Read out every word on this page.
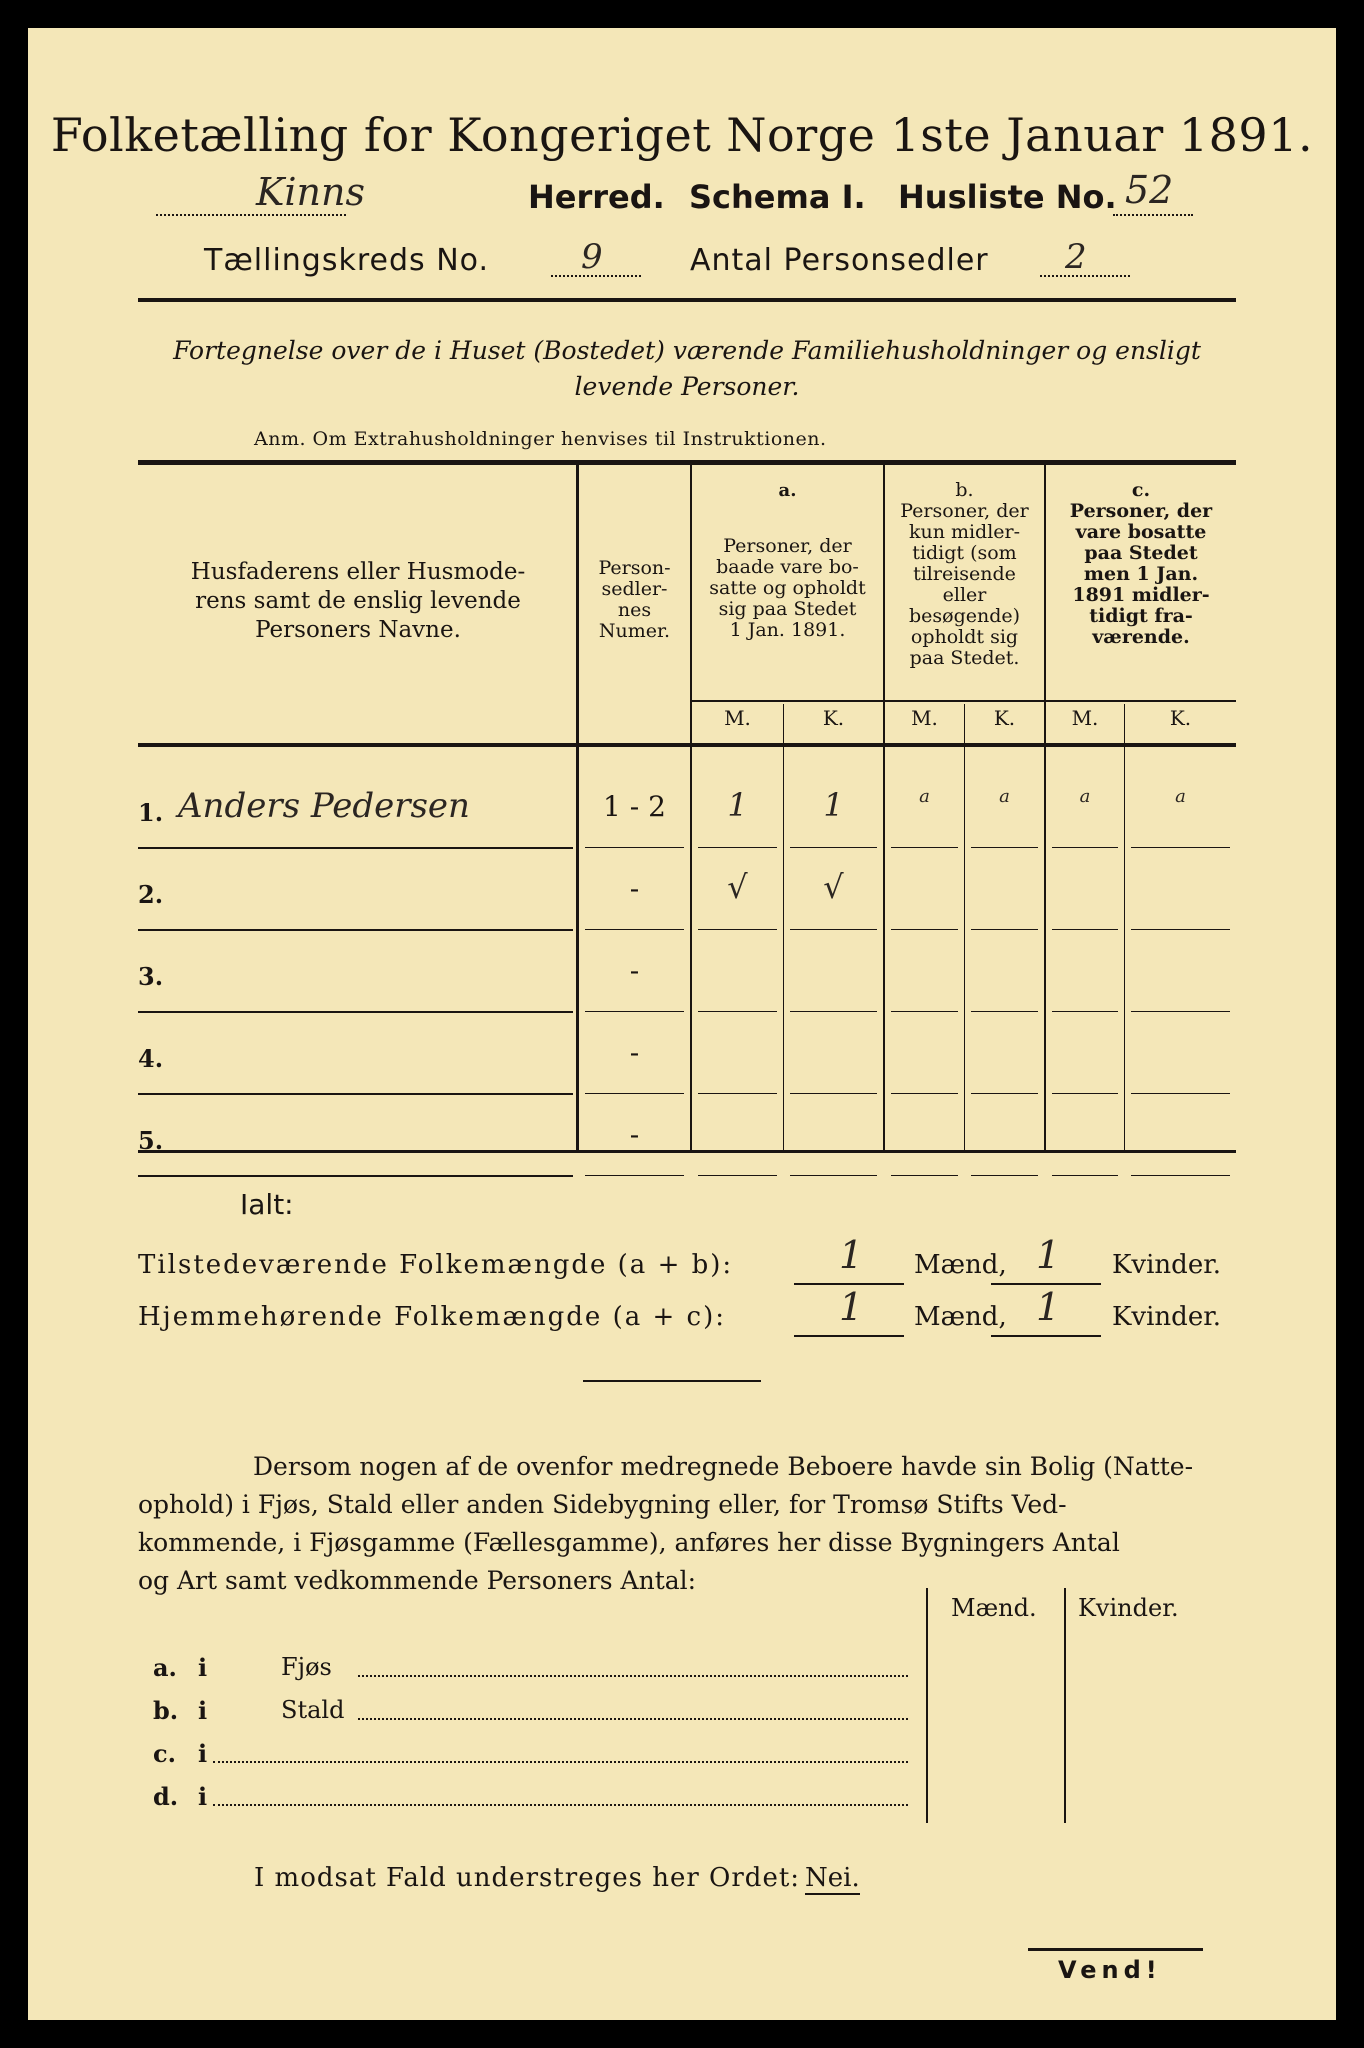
Folketælling for Kongeriget Norge 1ste Januar 1891.
Kinns	Herred. Schema I. Husliste No. 52
Tællingskreds No.	9	Antal Personsedler 2
Fortegnelse over de i Huset (Bostedet) værende Familiehusholdninger og ensligt
levende Personer.
Anm. Om Extrahusholdninger henvises til Instruktionen.
Husfaderens eller Husmode-
rens samt de enslig levende
Personers Navne.
Person-
sedler-
nes
Numer.
a.
Personer, der
baade vare bo-
satte og opholdt
sig paa Stedet
1 Jan. 1891.
b.
Personer, der
kun midler-
tidigt (som
tilreisende
eller
besøgende)
opholdt sig
paa Stedet.
c.
Personer, der
vare bosatte
paa Stedet
men 1 Jan.
1891 midler-
tidigt fra-
værende.
M.	K.	M.	K.	M.	K.
1. Anders Pedersen	1 - 2	1	1	a	a	a	a
2.	-	√	√
3.	-
4.	-
5.	-
Ialt:
Tilstedeværende Folkemængde (a + b):	1 Mænd, 1 Kvinder.
Hjemmehørende Folkemængde (a + c):	1 Mænd, 1 Kvinder.
Dersom nogen af de ovenfor medregnede Beboere havde sin Bolig (Natte-
ophold) i Fjøs, Stald eller anden Sidebygning eller, for Tromsø Stifts Ved-
kommende, i Fjøsgamme (Fællesgamme), anføres her disse Bygningers Antal
og Art samt vedkommende Personers Antal:
Mænd. Kvinder.
a. i	Fjøs
b. i	Stald
c. i
d. i
I modsat Fald understreges her Ordet: Nei.
Vend!
